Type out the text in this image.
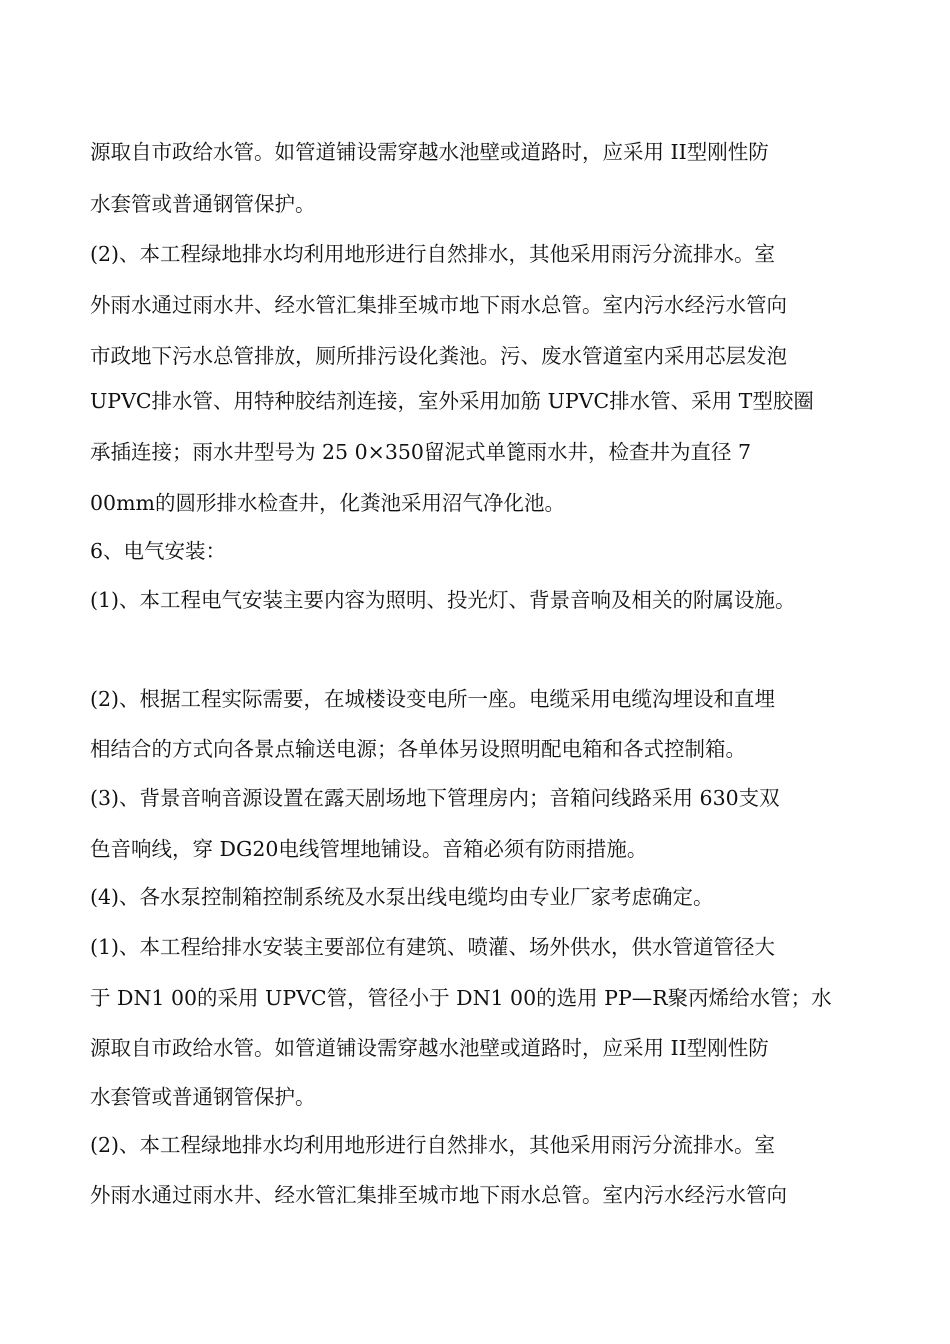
源取自市政给水管。如管道铺设需穿越水池壁或道路时，应采用 II型刚性防
水套管或普通钢管保护。
(2)、本工程绿地排水均利用地形进行自然排水，其他采用雨污分流排水。室
外雨水通过雨水井、经水管汇集排至城市地下雨水总管。室内污水经污水管向
市政地下污水总管排放，厕所排污设化粪池。污、废水管道室内采用芯层发泡
UPVC排水管、用特种胶结剂连接，室外采用加筋 UPVC排水管、采用 T型胶圈
承插连接；雨水井型号为 25 0×350留泥式单篦雨水井，检查井为直径 7
00mm的圆形排水检查井，化粪池采用沼气净化池。
6、电气安装：
(1)、本工程电气安装主要内容为照明、投光灯、背景音响及相关的附属设施。
(2)、根据工程实际需要，在城楼设变电所一座。电缆采用电缆沟埋设和直埋
相结合的方式向各景点输送电源；各单体另设照明配电箱和各式控制箱。
(3)、背景音响音源设置在露天剧场地下管理房内；音箱问线路采用 630支双
色音响线，穿 DG20电线管埋地铺设。音箱必须有防雨措施。
(4)、各水泵控制箱控制系统及水泵出线电缆均由专业厂家考虑确定。
(1)、本工程给排水安装主要部位有建筑、喷灌、场外供水，供水管道管径大
于 DN1 00的采用 UPVC管，管径小于 DN1 00的选用 PP—R聚丙烯给水管；水
源取自市政给水管。如管道铺设需穿越水池壁或道路时，应采用 II型刚性防
水套管或普通钢管保护。
(2)、本工程绿地排水均利用地形进行自然排水，其他采用雨污分流排水。室
外雨水通过雨水井、经水管汇集排至城市地下雨水总管。室内污水经污水管向
